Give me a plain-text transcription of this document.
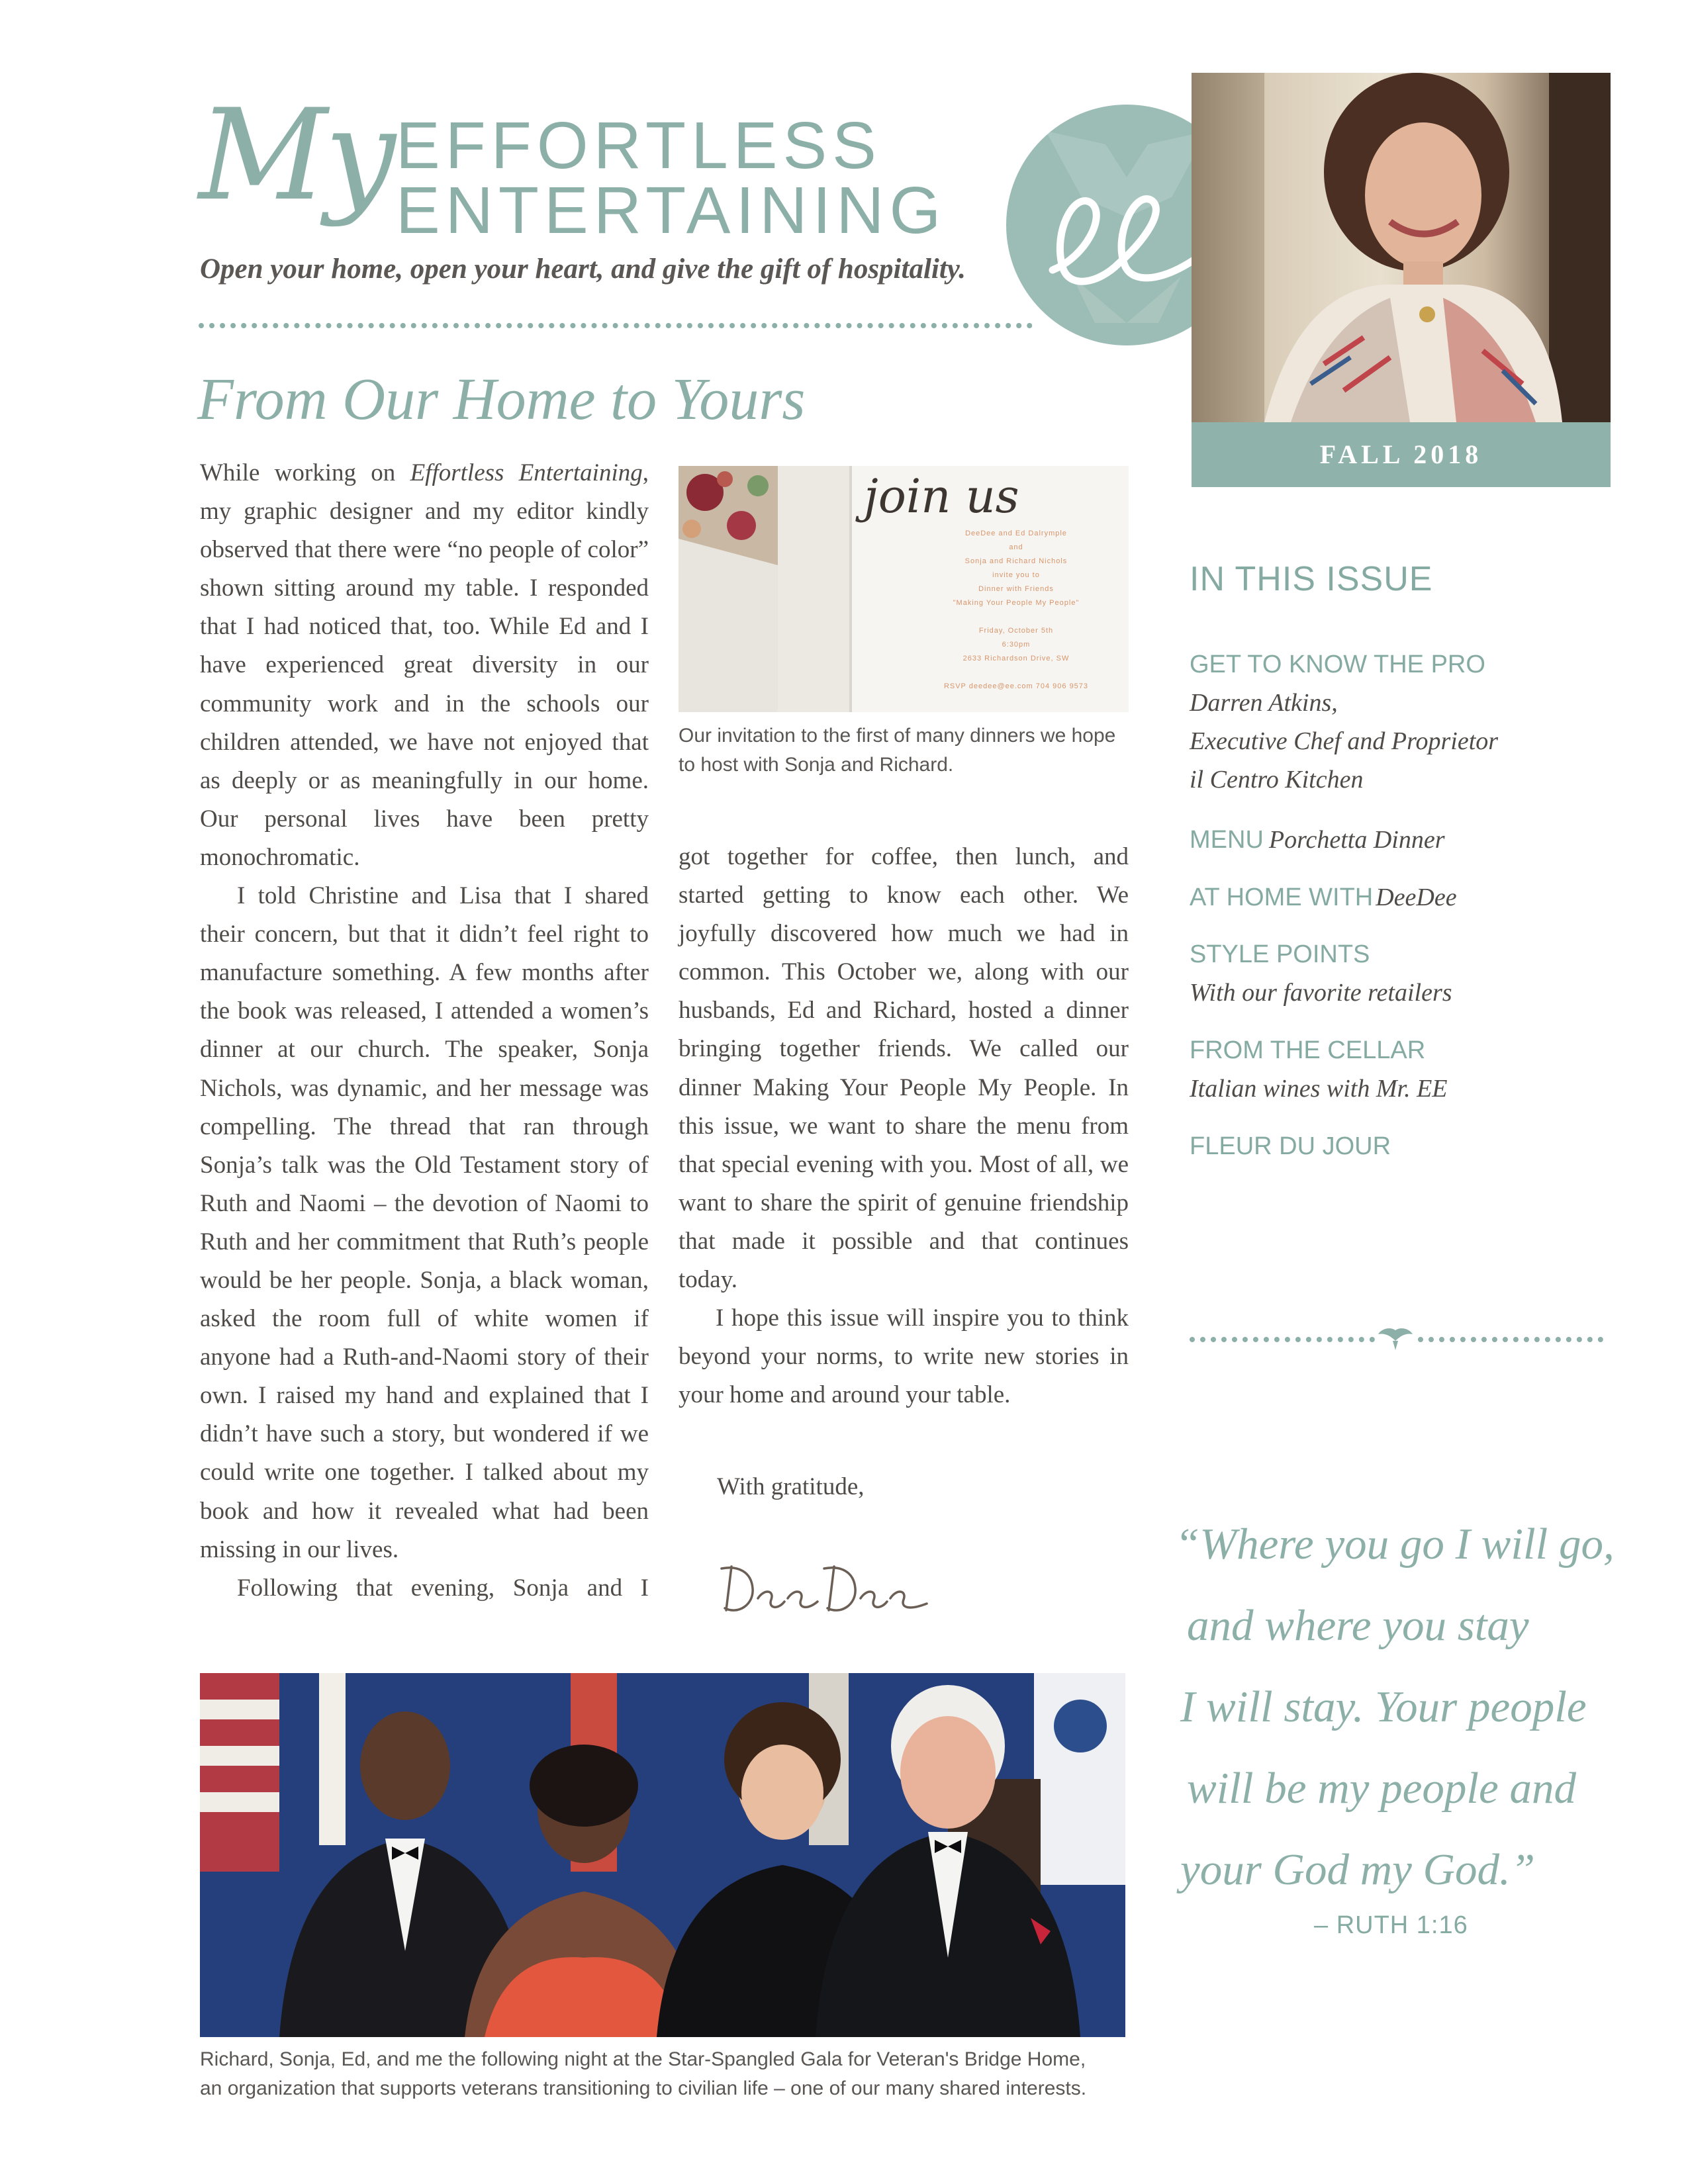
My EFFORTLESS
ENTERTAINING
Open your home, open your heart, and give the gift of hospitality.
FALL 2018
From Our Home to Yours

While working on Effortless Entertaining, my graphic designer and my editor kindly observed that there were “no people of color” shown sitting around my table. I responded that I had noticed that, too. While Ed and I have experienced great diversity in our community work and in the schools our children attended, we have not enjoyed that as deeply or as meaningfully in our home. Our personal lives have been pretty monochromatic.

I told Christine and Lisa that I shared their concern, but that it didn’t feel right to manufacture something. A few months after the book was released, I attended a women’s dinner at our church. The speaker, Sonja Nichols, was dynamic, and her message was compelling. The thread that ran through Sonja’s talk was the Old Testament story of Ruth and Naomi – the devotion of Naomi to Ruth and her commitment that Ruth’s people would be her people. Sonja, a black woman, asked the room full of white women if anyone had a Ruth-and-Naomi story of their own. I raised my hand and explained that I didn’t have such a story, but wondered if we could write one together. I talked about my book and how it revealed what had been missing in our lives.

Following that evening, Sonja and I

join us
DeeDee and Ed Dalrymple
and
Sonja and Richard Nichols
invite you to
Dinner with Friends
"Making Your People My People"

Friday, October 5th
6:30pm
2633 Richardson Drive, SW

RSVP deedee@ee.com 704 906 9573
Our invitation to the first of many dinners we hope to host with Sonja and Richard.

got together for coffee, then lunch, and started getting to know each other. We joyfully discovered how much we had in common. This October we, along with our husbands, Ed and Richard, hosted a dinner bringing together friends. We called our dinner Making Your People My People. In this issue, we want to share the menu from that special evening with you. Most of all, we want to share the spirit of genuine friendship that made it possible and that continues today.

I hope this issue will inspire you to think beyond your norms, to write new stories in your home and around your table.

With gratitude,
Richard, Sonja, Ed, and me the following night at the Star-Spangled Gala for Veteran's Bridge Home,
an organization that supports veterans transitioning to civilian life – one of our many shared interests.
IN THIS ISSUE
GET TO KNOW THE PRO
Darren Atkins,
Executive Chef and Proprietor
il Centro Kitchen
MENU Porchetta Dinner
AT HOME WITH DeeDee
STYLE POINTS
With our favorite retailers
FROM THE CELLAR
Italian wines with Mr. EE
FLEUR DU JOUR
“Where you go I will go,
and where you stay
I will stay. Your people
will be my people and
your God my God.”
– RUTH 1:16
